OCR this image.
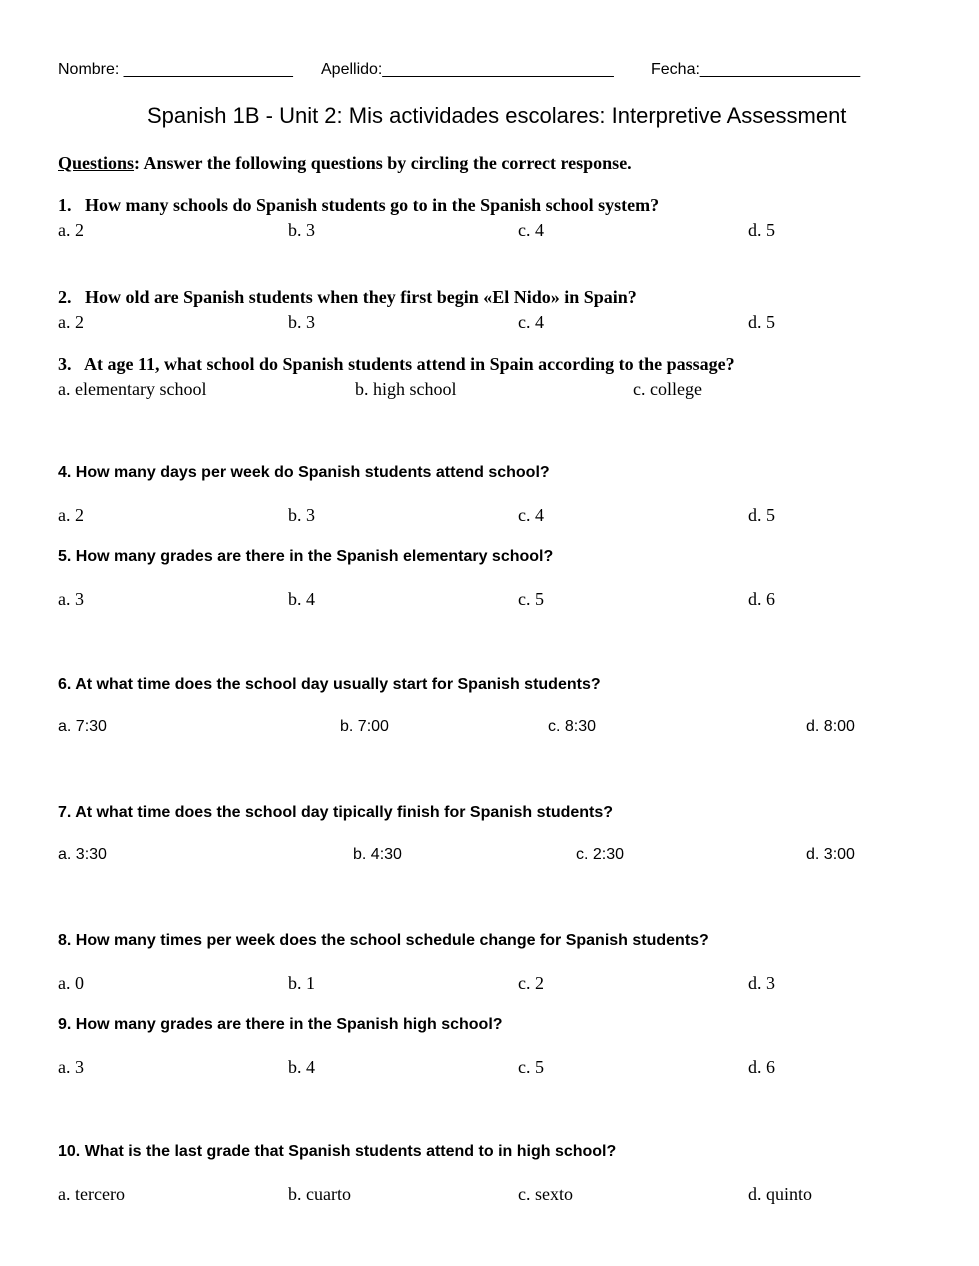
Nombre: ___________________ Apellido:__________________________ Fecha:__________________
Spanish 1B - Unit 2: Mis actividades escolares: Interpretive Assessment
Questions: Answer the following questions by circling the correct response.
1.   How many schools do Spanish students go to in the Spanish school system?
a. 2	b. 3	c. 4	d. 5
2.   How old are Spanish students when they first begin «El Nido» in Spain?
a. 2	b. 3	c. 4	d. 5
3.   At age 11, what school do Spanish students attend in Spain according to the passage?
a. elementary school	b. high school	c. college
4. How many days per week do Spanish students attend school?
a. 2	b. 3	c. 4	d. 5
5. How many grades are there in the Spanish elementary school?
a. 3	b. 4	c. 5	d. 6
6. At what time does the school day usually start for Spanish students?
a. 7:30	b. 7:00	c. 8:30	d. 8:00
7. At what time does the school day tipically finish for Spanish students?
a. 3:30	b. 4:30	c. 2:30	d. 3:00
8. How many times per week does the school schedule change for Spanish students?
a. 0	b. 1	c. 2	d. 3
9. How many grades are there in the Spanish high school?
a. 3	b. 4	c. 5	d. 6
10. What is the last grade that Spanish students attend to in high school?
a. tercero	b. cuarto	c. sexto	d. quinto
